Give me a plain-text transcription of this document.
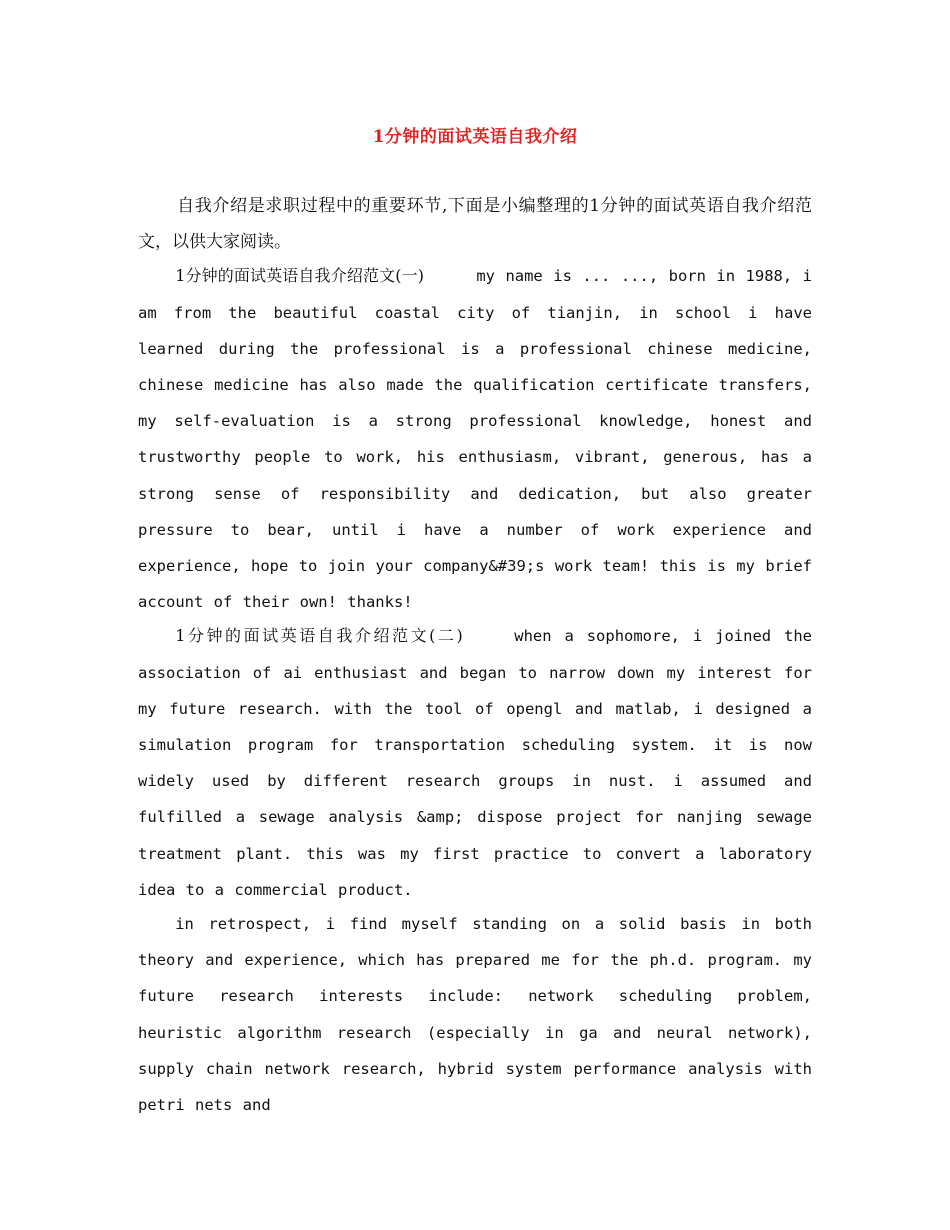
1分钟的面试英语自我介绍

自我介绍是求职过程中的重要环节,下面是小编整理的1分钟的面试英语自我介绍范文，以供大家阅读。

1分钟的面试英语自我介绍范文(一)	my name is ... ..., born in 1988, i am from the beautiful coastal city of tianjin, in school i have learned during the professional is a professional chinese medicine, chinese medicine has also made the qualification certificate transfers, my self-evaluation is a strong professional knowledge, honest and trustworthy people to work, his enthusiasm, vibrant, generous, has a strong sense of responsibility and dedication, but also greater pressure to bear, until i have a number of work experience and experience, hope to join your company&#39;s work team! this is my brief account of their own! thanks!

1分钟的面试英语自我介绍范文(二)	when a sophomore, i joined the association of ai enthusiast and began to narrow down my interest for my future research. with the tool of opengl and matlab, i designed a simulation program for transportation scheduling system. it is now widely used by different research groups in nust. i assumed and fulfilled a sewage analysis &amp; dispose project for nanjing sewage treatment plant. this was my first practice to convert a laboratory idea to a commercial product.

in retrospect, i find myself standing on a solid basis in both theory and experience, which has prepared me for the ph.d. program. my future research interests include: network scheduling problem, heuristic algorithm research (especially in ga and neural network), supply chain network research, hybrid system performance analysis with petri nets and
